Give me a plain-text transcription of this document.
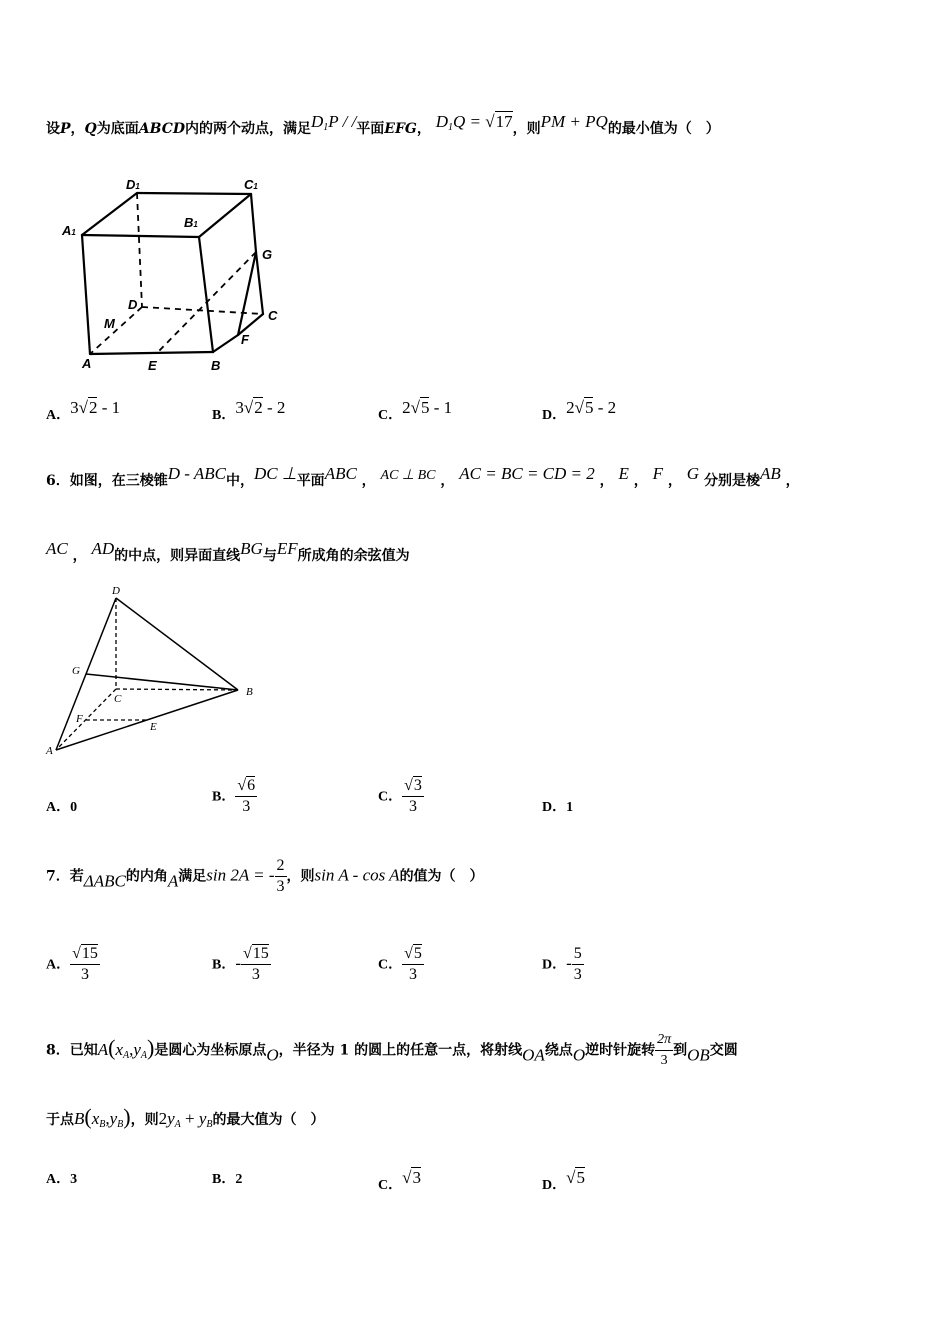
设P，Q为底面ABCD内的两个动点，满足$D_1P$ / /平面EFG， $D_1Q = √17$，则PM + PQ的最小值为（　）
D1	C1
A1
B1
G
D
M
C
F
A	E	B
A．3√2 - 1	B．3√2 - 2	C．2√5 - 1	D．2√5 - 2
6．如图，在三棱锥D - ABC中，DC ⊥平面ABC ， AC ⊥ BC ， AC = BC = CD = 2 ， E ， F ， G 分别是棱AB ，
AC ， AD的中点，则异面直线BG与EF所成角的余弦值为
D
G
C
B
F
E
A
A．0
B． $\frac{√6}{3}$	C． $\frac{√3}{3}$	D．1
7．若ΔABC的内角A满足sin 2A = - $\frac{2}{3}$ ，则sin A - cos A的值为（　）
A． $\frac{√15}{3}$	B．- $\frac{√15}{3}$	C． $\frac{√5}{3}$	D．- $\frac{5}{3}$
8．已知$A(x_A,y_A)$是圆心为坐标原点O，半径为 1 的圆上的任意一点，将射线OA绕点O逆时针旋转 $\frac{2\pi}{3}$ 到OB交圆
于点$B(x_B,y_B)$，则$2y_A + y_B$的最大值为（　）
A．3	B．2	C．√3	D．√5
